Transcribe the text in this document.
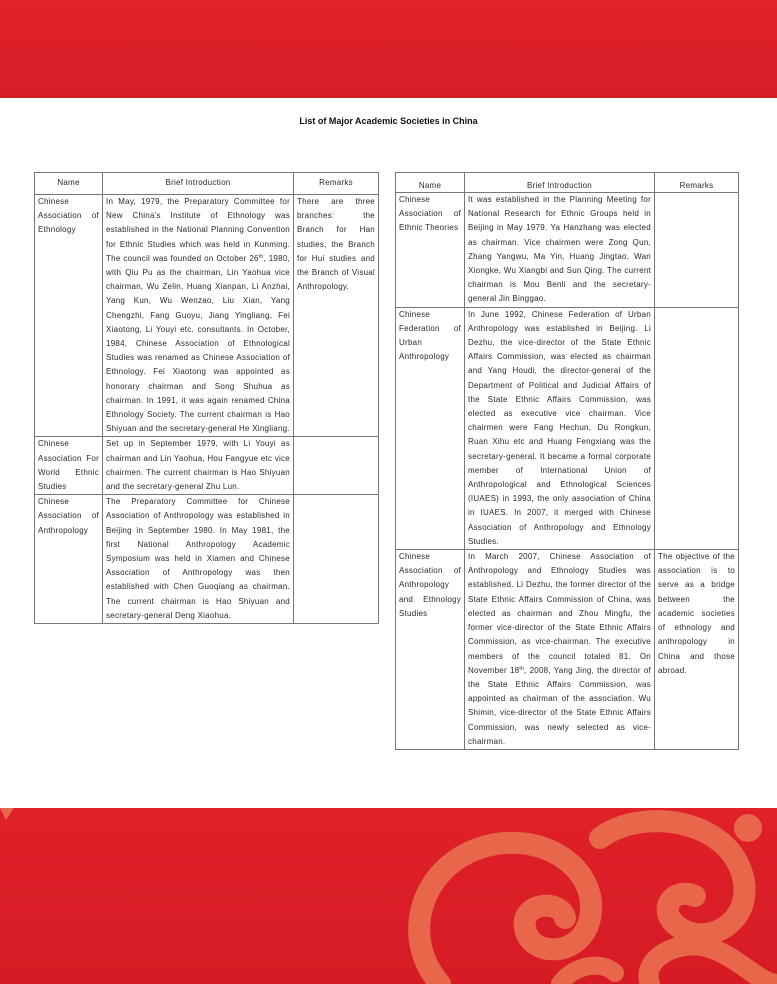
List of Major Academic Societies in China
Name	Brief Introduction	Remarks
Chinese Association of Ethnology	In May, 1979, the Preparatory Committee for New China’s Institute of Ethnology was established in the National Planning Convention for Ethnic Studies which was held in Kunming. The council was founded on October 26th, 1980, with Qiu Pu as the chairman, Lin Yaohua vice chairman, Wu Zelin, Huang Xianpan, Li Anzhai, Yang Kun, Wu Wenzao, Liu Xian, Yang Chengzhi, Fang Guoyu, Jiang Yingliang, Fei Xiaotong, Li Youyi etc. consultants. In October, 1984, Chinese Association of Ethnological Studies was renamed as Chinese Association of Ethnology. Fei Xiaotong was appointed as honorary chairman and Song Shuhua as chairman. In 1991, it was again renamed China Ethnology Society. The current chairman is Hao Shiyuan and the secretary-general He Xingliang.	There are three branches: the Branch for Han studies, the Branch for Hui studies and the Branch of Visual Anthropology.
Chinese Association For World Ethnic Studies	Set up in September 1979, with Li Youyi as chairman and Lin Yaohua, Hou Fangyue etc vice chairmen. The current chairman is Hao Shiyuan and the secretary-general Zhu Lun.	
Chinese Association of Anthropology	The Preparatory Committee for Chinese Association of Anthropology was established in Beijing in September 1980. In May 1981, the first National Anthropology Academic Symposium was held in Xiamen and Chinese Association of Anthropology was then established with Chen Guoqiang as chairman. The current chairman is Hao Shiyuan and secretary-general Deng Xiaohua.	
Name	Brief Introduction	Remarks
Chinese Association of Ethnic Theories	It was established in the Planning Meeting for National Research for Ethnic Groups held in Beijing in May 1979. Ya Hanzhang was elected as chairman. Vice chairmen were Zong Qun, Zhang Yangwu, Ma Yin, Huang Jingtao, Wan Xiongke, Wu Xiangbi and Sun Qing. The current chairman is Mou Benli and the secretary-general Jin Binggao.	
Chinese Federation of Urban Anthropology	In June 1992, Chinese Federation of Urban Anthropology was established in Beijing. Li Dezhu, the vice-director of the State Ethnic Affairs Commission, was elected as chairman and Yang Houdi, the director-general of the Department of Political and Judicial Affairs of the State Ethnic Affairs Commission, was elected as executive vice chairman. Vice chairmen were Fang Hechun, Du Rongkun, Ruan Xihu etc and Huang Fengxiang was the secretary-general. It became a formal corporate member of International Union of Anthropological and Ethnological Sciences (IUAES) in 1993, the only association of China in IUAES. In 2007, it merged with Chinese Association of Anthropology and Ethnology Studies.	
Chinese Association of Anthropology and Ethnology Studies	In March 2007, Chinese Association of Anthropology and Ethnology Studies was established. Li Dezhu, the former director of the State Ethnic Affairs Commission of China, was elected as chairman and Zhou Mingfu, the former vice-director of the State Ethnic Affairs Commission, as vice-chairman. The executive members of the council totaled 81. On November 18th, 2008, Yang Jing, the director of the State Ethnic Affairs Commission, was appointed as chairman of the association. Wu Shimin, vice-director of the State Ethnic Affairs Commission, was newly selected as vice-chairman.	The objective of the association is to serve as a bridge between the academic societies of ethnology and anthropology in China and those abroad.
